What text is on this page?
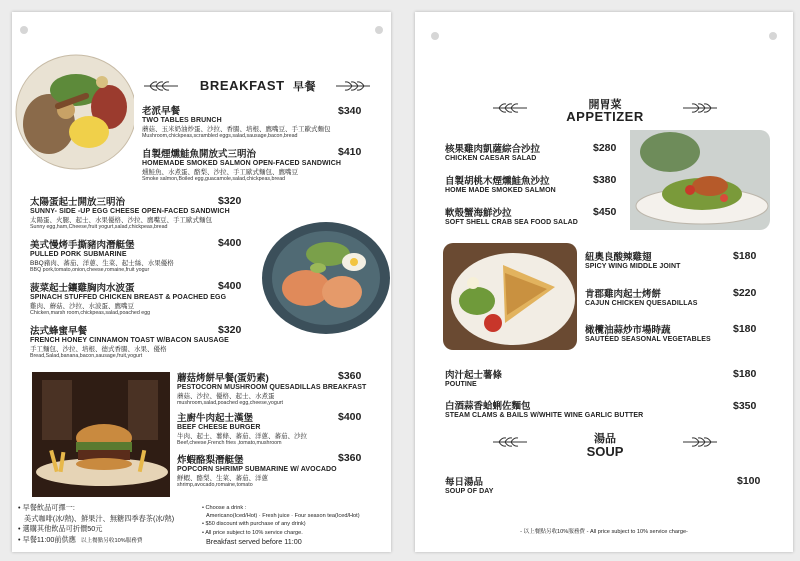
BREAKFAST 早餐
老派早餐
TWO TABLES BRUNCH
蘑菇、玉米奶油炒蛋、沙拉、香腸、培根、鷹嘴豆、手工歐式麵包
Mushroom,chickpeas,scrambled eggs,salad,sausage,bacon,bread
$340
自製煙燻鮭魚開放式三明治
HOMEMADE SMOKED SALMON OPEN-FACED SANDWICH
燻鮭魚、水煮蛋、酪梨、沙拉、手工歐式麵包、鷹嘴豆
Smoke salmon,Boiled egg,guacamole,salad,chickpeas,bread
$410
太陽蛋起士開放三明治
SUNNY- SIDE -UP EGG CHEESE OPEN-FACED SANDWICH
太陽蛋、火腿、起士、水果優格、沙拉、鷹嘴豆、手工歐式麵包
Sunny egg,ham,Cheese,fruit yogurt,salad,chickpeas,bread
$320
美式慢烤手撕豬肉潛艇堡
PULLED PORK SUBMARINE
BBQ豬肉、蕃茄、洋蔥、生菜、起士絲、水果優格
BBQ pork,tomato,onion,cheese,romaine,fruit yogur
$400
菠菜起士鑲雞胸肉水波蛋
SPINACH STUFFED CHICKEN BREAST & POACHED EGG
雞肉、蘑菇、沙拉、水波蛋、鷹嘴豆
Chicken,marsh room,chickpeas,salad,poached egg
$400
法式蜂蜜早餐
FRENCH HONEY CINNAMON TOAST W/BACON SAUSAGE
手工麵包、沙拉、培根、德式香腸、水果、優格
Bread,Salad,banana,bacon,sausage,fruit,yogurt
$320
蘑菇烤餅早餐(蛋奶素)
PESTOCORN MUSHROOM QUESADILLAS BREAKFAST
蘑菇、沙拉、優格、起士、水煮蛋
mushroom,salad,poached egg,cheese,yogurt
$360
主廚牛肉起士漢堡
BEEF CHEESE BURGER
牛肉、起士、薯條、蕃茄、洋蔥、蕃茄、沙拉
Beef,cheese,French fries ,tomato,mushroom
$400
炸蝦酪梨潛艇堡
POPCORN SHRIMP SUBMARINE W/ AVOCADO
鮮蝦、酪梨、生菜、蕃茄、洋蔥
shrimp,avocado,romaine,tomato
$360
• 早餐飲品可擇一:
美式咖啡(冰/熱)、鮮果汁、無糖四季春茶(冰/熱)
• 選購其他飲品可折價50元
• 早餐11:00前供應 以上餐點另收10%服務費
• Choose a drink :
Americano(Iced/Hot) · Fresh juice · Four season tea(Iced/Hot)
• $50 discount with purchase of any drink)
• All price subject to 10% service charge.
Breakfast served before 11:00
開胃菜
APPETIZER
核果雞肉凱薩綜合沙拉
CHICKEN CAESAR SALAD
$280
自製胡桃木煙燻鮭魚沙拉
HOME MADE SMOKED SALMON
$380
軟殼蟹海鮮沙拉
SOFT SHELL CRAB SEA FOOD SALAD
$450
紐奧良酸辣雞翅
SPICY WING MIDDLE JOINT
$180
肯郡雞肉起士烤餅
CAJUN CHICKEN QUESADILLAS
$220
橄欖油蒜炒市場時蔬
SAUTÉED SEASONAL VEGETABLES
$180
肉汁起士薯條
POUTINE
$180
白酒蒜香蛤蜊佐麵包
STEAM CLAMS & BAILS W/WHITE WINE GARLIC BUTTER
$350
湯品
SOUP
每日湯品
SOUP OF DAY
$100
- 以上餐點另收10%服務費 - All price subject to 10% service charge-
